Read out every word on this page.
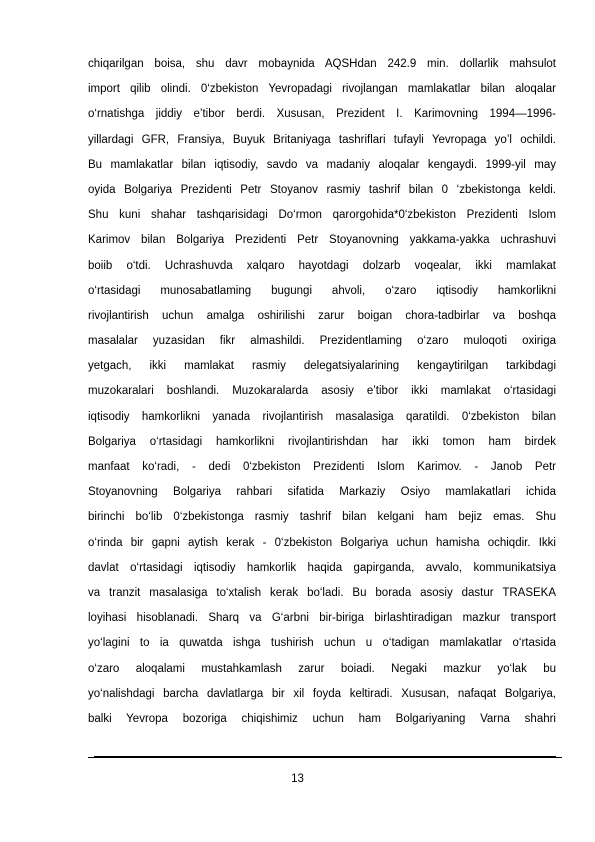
chiqarilgan boisa, shu davr mobaynida AQSHdan 242.9 min. dollarlik mahsulot
import qilib olindi. 0‘zbekiston Yevropadagi rivojlangan mamlakatlar bilan aloqalar
o‘rnatishga jiddiy e’tibor berdi. Xususan, Prezident I. Karimovning 1994—1996-
yillardagi GFR, Fransiya, Buyuk Britaniyaga tashriflari tufayli Yevropaga yo’l ochildi.
Bu mamlakatlar bilan iqtisodiy, savdo va madaniy aloqalar kengaydi. 1999-yil may
oyida Bolgariya Prezidenti Petr Stoyanov rasmiy tashrif bilan 0 ‘zbekistonga keldi.
Shu kuni shahar tashqarisidagi Do‘rmon qarorgohida*0‘zbekiston Prezidenti Islom
Karimov bilan Bolgariya Prezidenti Petr Stoyanovning yakkama-yakka uchrashuvi
boiib o‘tdi. Uchrashuvda xalqaro hayotdagi dolzarb voqealar, ikki mamlakat
o‘rtasidagi munosabatlaming bugungi ahvoli, o‘zaro iqtisodiy hamkorlikni
rivojlantirish uchun amalga oshirilishi zarur boigan chora-tadbirlar va boshqa
masalalar yuzasidan fikr almashildi. Prezidentlaming o‘zaro muloqoti oxiriga
yetgach, ikki mamlakat rasmiy delegatsiyalarining kengaytirilgan tarkibdagi
muzokaralari boshlandi. Muzokaralarda asosiy e’tibor ikki mamlakat o‘rtasidagi
iqtisodiy hamkorlikni yanada rivojlantirish masalasiga qaratildi. 0‘zbekiston bilan
Bolgariya o‘rtasidagi hamkorlikni rivojlantirishdan har ikki tomon ham birdek
manfaat ko‘radi, - dedi 0‘zbekiston Prezidenti Islom Karimov. - Janob Petr
Stoyanovning Bolgariya rahbari sifatida Markaziy Osiyo mamlakatlari ichida
birinchi bo‘lib 0‘zbekistonga rasmiy tashrif bilan kelgani ham bejiz emas. Shu
o‘rinda bir gapni aytish kerak - 0‘zbekiston Bolgariya uchun hamisha ochiqdir. Ikki
davlat o‘rtasidagi iqtisodiy hamkorlik haqida gapirganda, avvalo, kommunikatsiya
va tranzit masalasiga to‘xtalish kerak bo‘ladi. Bu borada asosiy dastur TRASEKA
loyihasi hisoblanadi. Sharq va G‘arbni bir-biriga birlashtiradigan mazkur transport
yo‘lagini to ia quwatda ishga tushirish uchun u o‘tadigan mamlakatlar o‘rtasida
o‘zaro aloqalami mustahkamlash zarur boiadi. Negaki mazkur yo‘lak bu
yo‘nalishdagi barcha davlatlarga bir xil foyda keltiradi. Xususan, nafaqat Bolgariya,
balki Yevropa bozoriga chiqishimiz uchun ham Bolgariyaning Varna shahri
13
